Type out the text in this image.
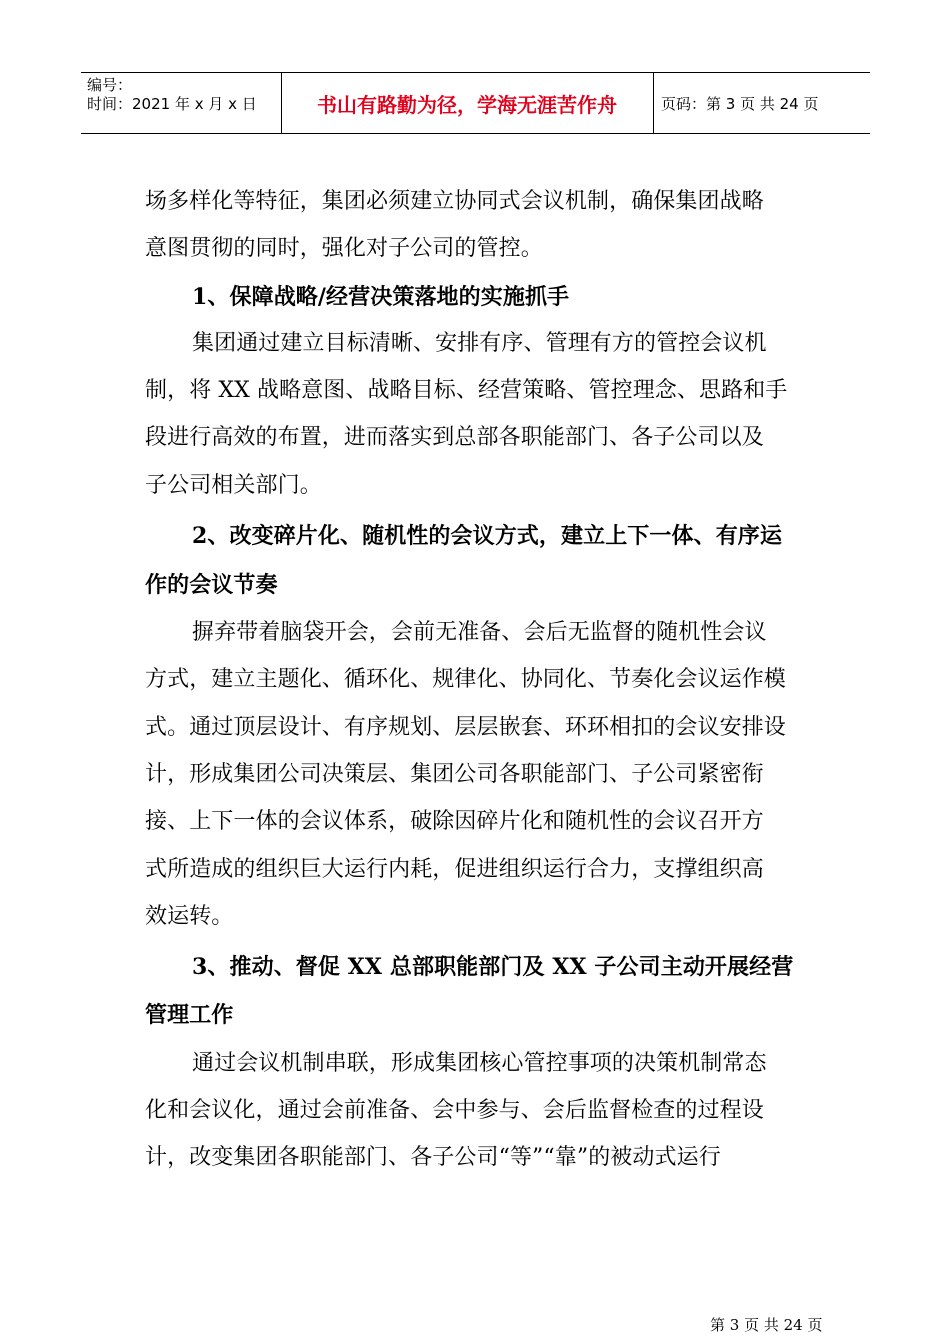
编号：
时间：2021 年 x 月 x 日	书山有路勤为径，学海无涯苦作舟	页码：第 3 页 共 24 页
场多样化等特征，集团必须建立协同式会议机制，确保集团战略
意图贯彻的同时，强化对子公司的管控。
1、保障战略/经营决策落地的实施抓手
集团通过建立目标清晰、安排有序、管理有方的管控会议机
制，将 XX 战略意图、战略目标、经营策略、管控理念、思路和手
段进行高效的布置，进而落实到总部各职能部门、各子公司以及
子公司相关部门。
2、改变碎片化、随机性的会议方式，建立上下一体、有序运
作的会议节奏
摒弃带着脑袋开会，会前无准备、会后无监督的随机性会议
方式，建立主题化、循环化、规律化、协同化、节奏化会议运作模
式。通过顶层设计、有序规划、层层嵌套、环环相扣的会议安排设
计，形成集团公司决策层、集团公司各职能部门、子公司紧密衔
接、上下一体的会议体系，破除因碎片化和随机性的会议召开方
式所造成的组织巨大运行内耗，促进组织运行合力，支撑组织高
效运转。
3、推动、督促 XX 总部职能部门及 XX 子公司主动开展经营
管理工作
通过会议机制串联，形成集团核心管控事项的决策机制常态
化和会议化，通过会前准备、会中参与、会后监督检查的过程设
计，改变集团各职能部门、各子公司“等”“靠”的被动式运行
第 3 页 共 24 页
